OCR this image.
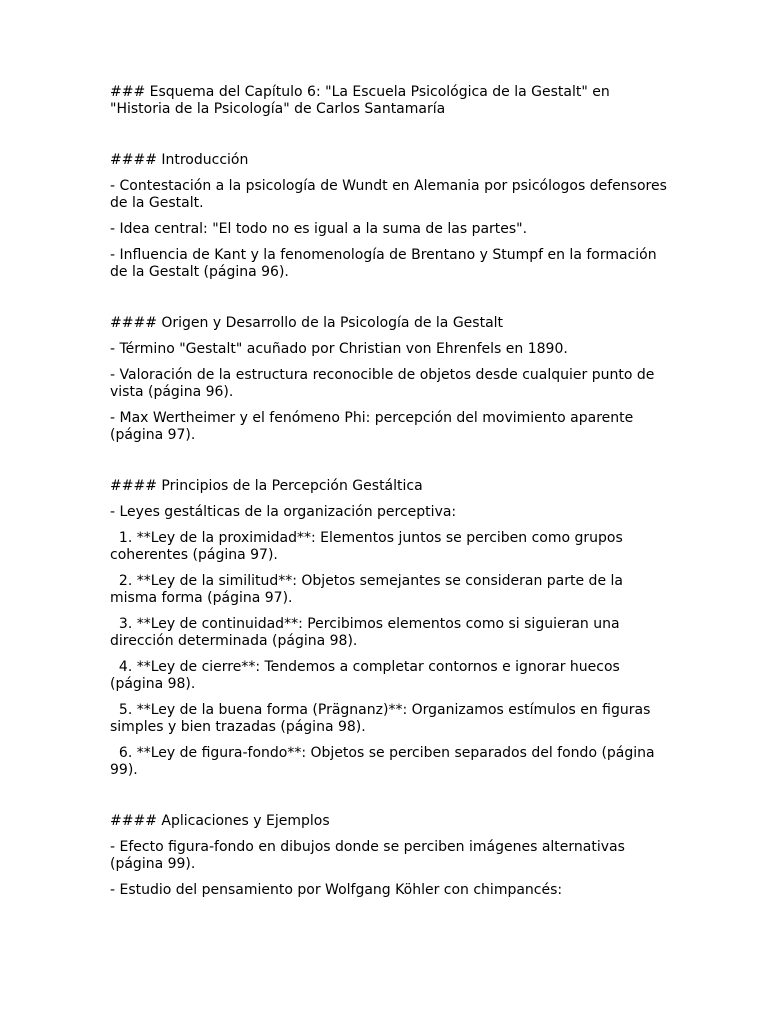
### Esquema del Capítulo 6: "La Escuela Psicológica de la Gestalt" en "Historia de la Psicología" de Carlos Santamaría
#### Introducción
- Contestación a la psicología de Wundt en Alemania por psicólogos defensores de la Gestalt.
- Idea central: "El todo no es igual a la suma de las partes".
- Influencia de Kant y la fenomenología de Brentano y Stumpf en la formación de la Gestalt (página 96).
#### Origen y Desarrollo de la Psicología de la Gestalt
- Término "Gestalt" acuñado por Christian von Ehrenfels en 1890.
- Valoración de la estructura reconocible de objetos desde cualquier punto de vista (página 96).
- Max Wertheimer y el fenómeno Phi: percepción del movimiento aparente (página 97).
#### Principios de la Percepción Gestáltica
- Leyes gestálticas de la organización perceptiva:
1. **Ley de la proximidad**: Elementos juntos se perciben como grupos coherentes (página 97).
2. **Ley de la similitud**: Objetos semejantes se consideran parte de la misma forma (página 97).
3. **Ley de continuidad**: Percibimos elementos como si siguieran una dirección determinada (página 98).
4. **Ley de cierre**: Tendemos a completar contornos e ignorar huecos (página 98).
5. **Ley de la buena forma (Prägnanz)**: Organizamos estímulos en figuras simples y bien trazadas (página 98).
6. **Ley de figura-fondo**: Objetos se perciben separados del fondo (página 99).
#### Aplicaciones y Ejemplos
- Efecto figura-fondo en dibujos donde se perciben imágenes alternativas (página 99).
- Estudio del pensamiento por Wolfgang Köhler con chimpancés:
